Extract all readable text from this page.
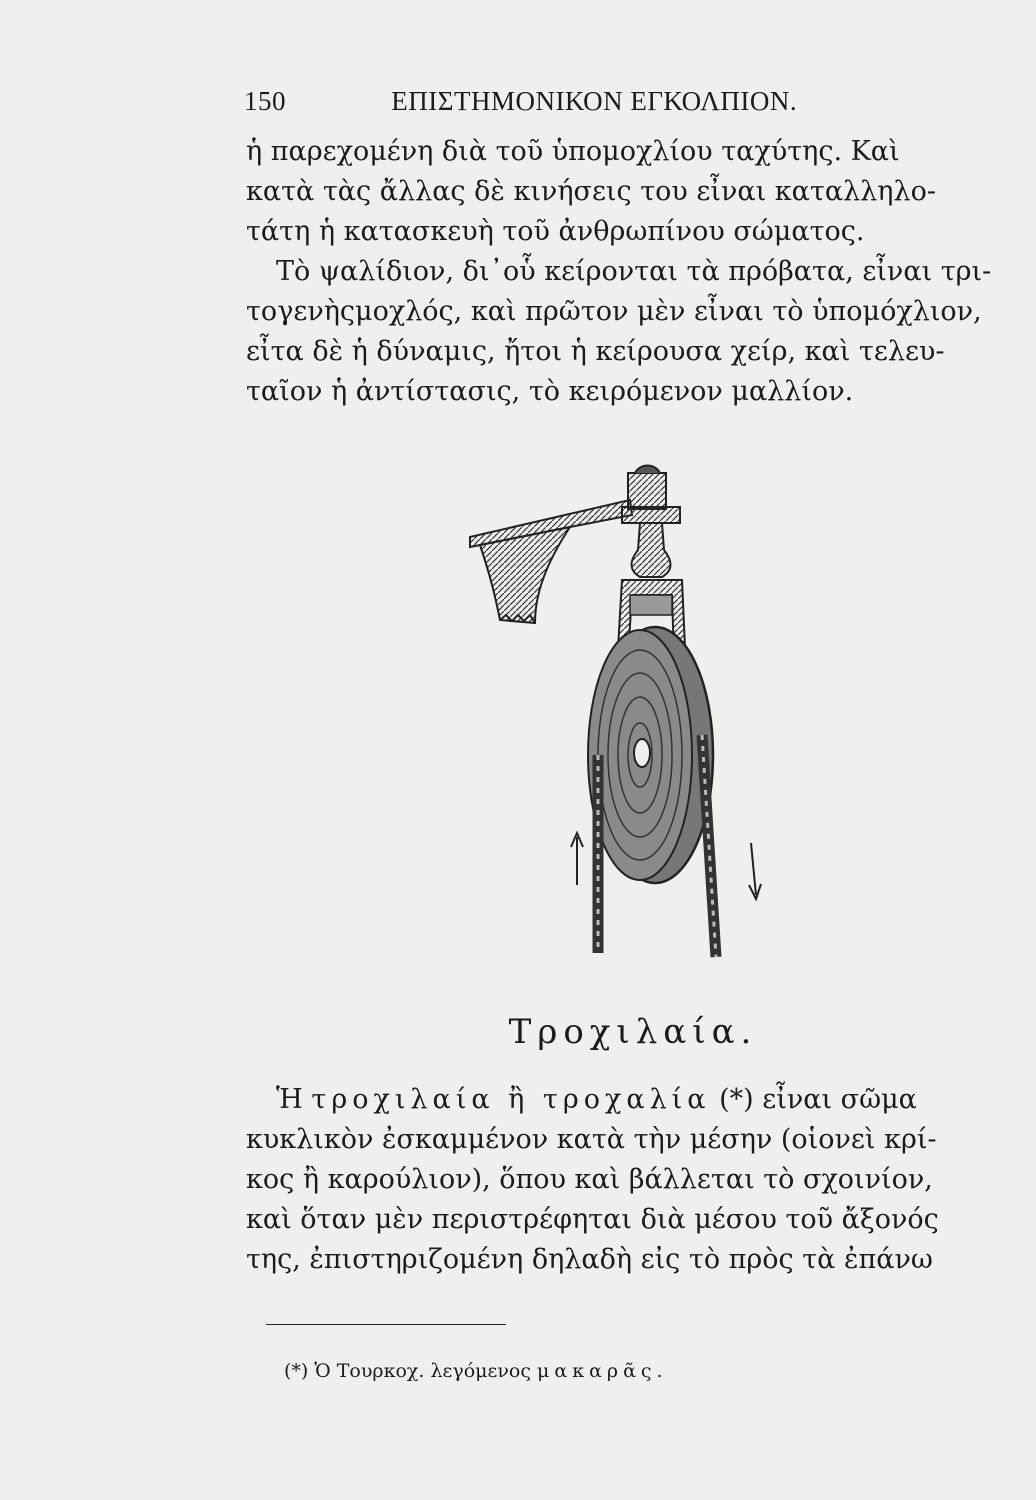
150	ΕΠΙΣΤΗΜΟΝΙΚΟΝ ΕΓΚΟΛΠΙΟΝ.
ἡ παρεχομένη διὰ τοῦ ὑπομοχλίου ταχύτης. Καὶ
κατὰ τὰς ἄλλας δὲ κινήσεις του εἶναι καταλληλο-
τάτη ἡ κατασκευὴ τοῦ ἀνθρωπίνου σώματος.
Τὸ ψαλίδιον, δι᾽οὗ κείρονται τὰ πρόβατα, εἶναι τρι-
τογενὴςμοχλός, καὶ πρῶτον μὲν εἶναι τὸ ὑπομόχλιον,
εἶτα δὲ ἡ δύναμις, ἤτοι ἡ κείρουσα χείρ, καὶ τελευ-
ταῖον ἡ ἀντίστασις, τὸ κειρόμενον μαλλίον.
Τροχιλαία.
Ἡ τροχιλαία ἢ τροχαλία (*) εἶναι σῶμα
κυκλικὸν ἐσκαμμένον κατὰ τὴν μέσην (οἱονεὶ κρί-
κος ἢ καρούλιον), ὅπου καὶ βάλλεται τὸ σχοινίον,
καὶ ὅταν μὲν περιστρέφηται διὰ μέσου τοῦ ἄξονός
της, ἐπιστηριζομένη δηλαδὴ εἰς τὸ πρὸς τὰ ἐπάνω
(*) Ὁ Τουρκοχ. λεγόμενος μακαρᾶς.
